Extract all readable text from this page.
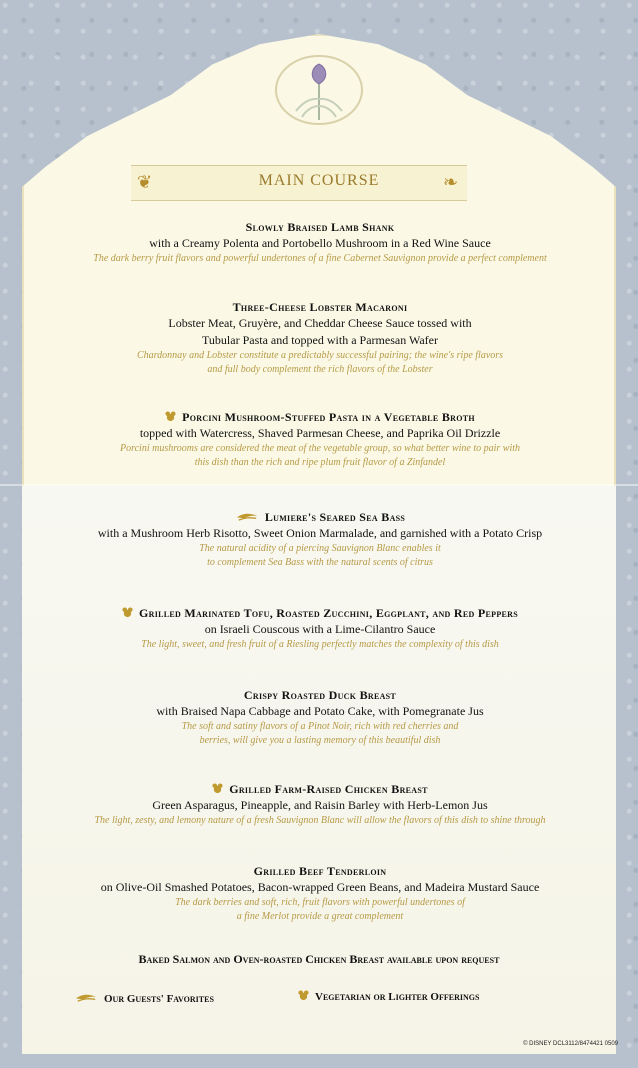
❦	❧
MAIN COURSE
Slowly Braised Lamb Shank
with a Creamy Polenta and Portobello Mushroom in a Red Wine Sauce
The dark berry fruit flavors and powerful undertones of a fine Cabernet Sauvignon provide a perfect complement
Three-Cheese Lobster Macaroni
Lobster Meat, Gruyère, and Cheddar Cheese Sauce tossed with
Tubular Pasta and topped with a Parmesan Wafer
Chardonnay and Lobster constitute a predictably successful pairing; the wine's ripe flavors
and full body complement the rich flavors of the Lobster
Porcini Mushroom-Stuffed Pasta in a Vegetable Broth
topped with Watercress, Shaved Parmesan Cheese, and Paprika Oil Drizzle
Porcini mushrooms are considered the meat of the vegetable group, so what better wine to pair with
this dish than the rich and ripe plum fruit flavor of a Zinfandel
Lumiere's Seared Sea Bass
with a Mushroom Herb Risotto, Sweet Onion Marmalade, and garnished with a Potato Crisp
The natural acidity of a piercing Sauvignon Blanc enables it
to complement Sea Bass with the natural scents of citrus
Grilled Marinated Tofu, Roasted Zucchini, Eggplant, and Red Peppers
on Israeli Couscous with a Lime-Cilantro Sauce
The light, sweet, and fresh fruit of a Riesling perfectly matches the complexity of this dish
Crispy Roasted Duck Breast
with Braised Napa Cabbage and Potato Cake, with Pomegranate Jus
The soft and satiny flavors of a Pinot Noir, rich with red cherries and
berries, will give you a lasting memory of this beautiful dish
Grilled Farm-Raised Chicken Breast
Green Asparagus, Pineapple, and Raisin Barley with Herb-Lemon Jus
The light, zesty, and lemony nature of a fresh Sauvignon Blanc will allow the flavors of this dish to shine through
Grilled Beef Tenderloin
on Olive-Oil Smashed Potatoes, Bacon-wrapped Green Beans, and Madeira Mustard Sauce
The dark berries and soft, rich, fruit flavors with powerful undertones of
a fine Merlot provide a great complement
Baked Salmon and Oven-roasted Chicken Breast available upon request
Our Guests' Favorites	Vegetarian or Lighter Offerings
© DISNEY DCL3112/8474421 0509
